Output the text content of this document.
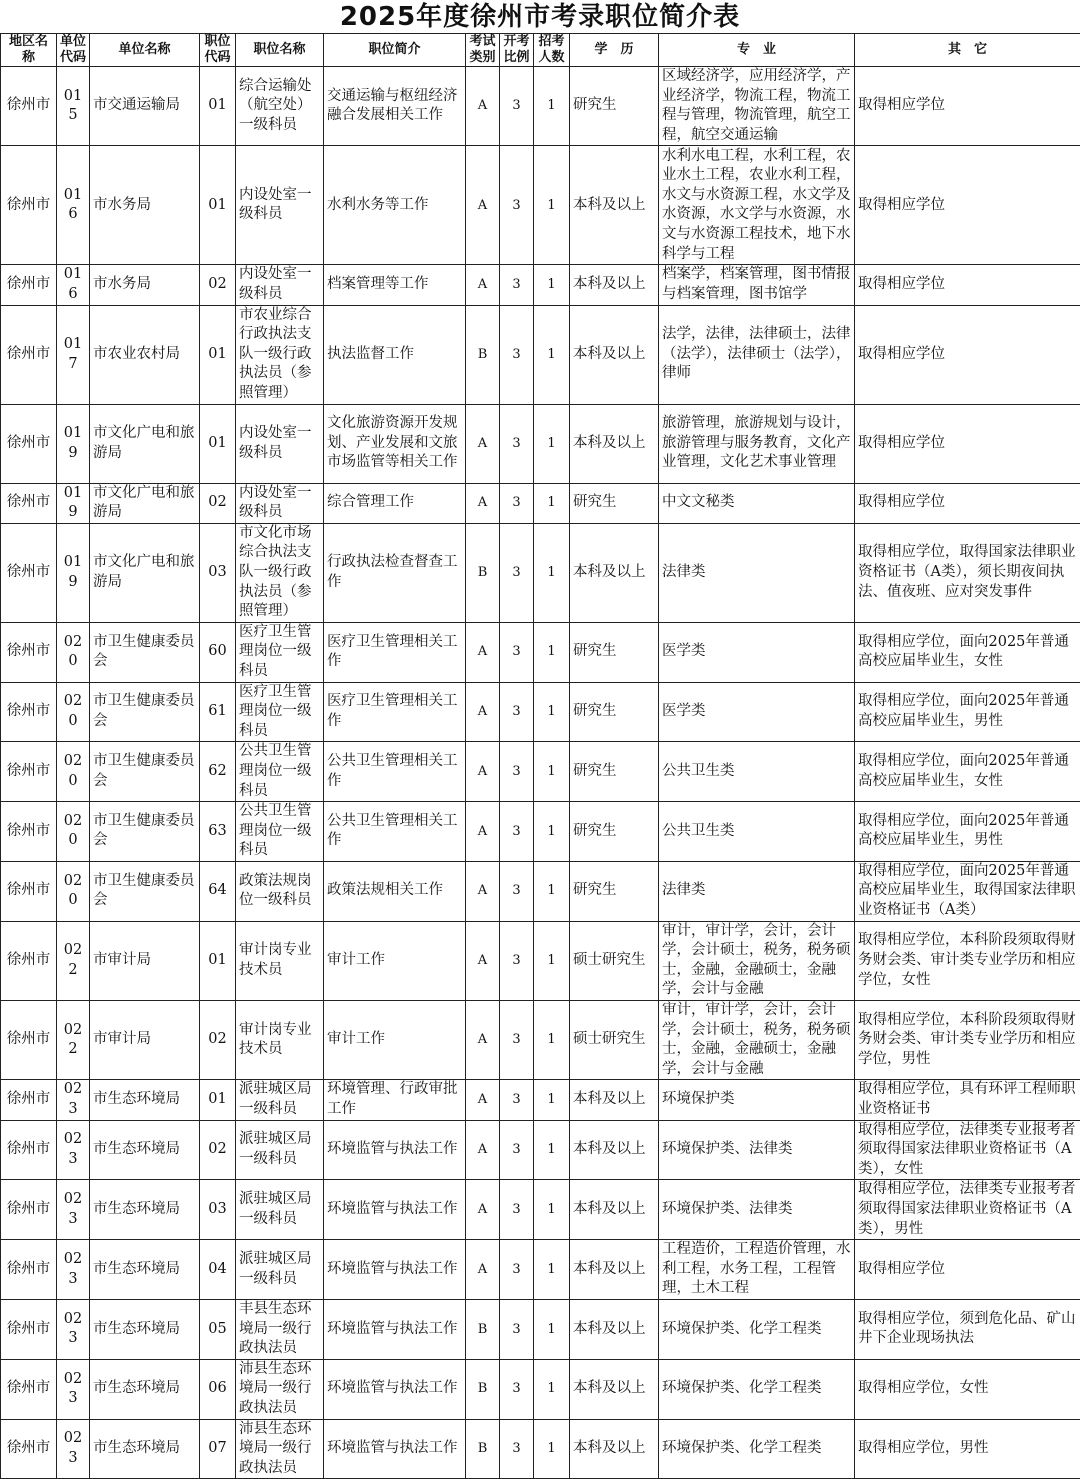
2025年度徐州市考录职位简介表
地区名称	单位代码	单位名称	职位代码	职位名称	职位简介	考试类别	开考比例	招考人数	学　历	专　业	其　它
徐州市	015	市交通运输局	01	综合运输处（航空处）一级科员	交通运输与枢纽经济融合发展相关工作	A	3	1	研究生	区域经济学，应用经济学，产业经济学，物流工程，物流工程与管理，物流管理，航空工程，航空交通运输	取得相应学位
徐州市	016	市水务局	01	内设处室一级科员	水利水务等工作	A	3	1	本科及以上	水利水电工程，水利工程，农业水土工程，农业水利工程，水文与水资源工程，水文学及水资源，水文学与水资源，水文与水资源工程技术，地下水科学与工程	取得相应学位
徐州市	016	市水务局	02	内设处室一级科员	档案管理等工作	A	3	1	本科及以上	档案学，档案管理，图书情报与档案管理，图书馆学	取得相应学位
徐州市	017	市农业农村局	01	市农业综合行政执法支队一级行政执法员（参照管理）	执法监督工作	B	3	1	本科及以上	法学，法律，法律硕士，法律（法学），法律硕士（法学），律师	取得相应学位
徐州市	019	市文化广电和旅游局	01	内设处室一级科员	文化旅游资源开发规划、产业发展和文旅市场监管等相关工作	A	3	1	本科及以上	旅游管理，旅游规划与设计，旅游管理与服务教育，文化产业管理，文化艺术事业管理	取得相应学位
徐州市	019	市文化广电和旅游局	02	内设处室一级科员	综合管理工作	A	3	1	研究生	中文文秘类	取得相应学位
徐州市	019	市文化广电和旅游局	03	市文化市场综合执法支队一级行政执法员（参照管理）	行政执法检查督查工作	B	3	1	本科及以上	法律类	取得相应学位，取得国家法律职业资格证书（A类），须长期夜间执法、值夜班、应对突发事件
徐州市	020	市卫生健康委员会	60	医疗卫生管理岗位一级科员	医疗卫生管理相关工作	A	3	1	研究生	医学类	取得相应学位，面向2025年普通高校应届毕业生，女性
徐州市	020	市卫生健康委员会	61	医疗卫生管理岗位一级科员	医疗卫生管理相关工作	A	3	1	研究生	医学类	取得相应学位，面向2025年普通高校应届毕业生，男性
徐州市	020	市卫生健康委员会	62	公共卫生管理岗位一级科员	公共卫生管理相关工作	A	3	1	研究生	公共卫生类	取得相应学位，面向2025年普通高校应届毕业生，女性
徐州市	020	市卫生健康委员会	63	公共卫生管理岗位一级科员	公共卫生管理相关工作	A	3	1	研究生	公共卫生类	取得相应学位，面向2025年普通高校应届毕业生，男性
徐州市	020	市卫生健康委员会	64	政策法规岗位一级科员	政策法规相关工作	A	3	1	研究生	法律类	取得相应学位，面向2025年普通高校应届毕业生，取得国家法律职业资格证书（A类）
徐州市	022	市审计局	01	审计岗专业技术员	审计工作	A	3	1	硕士研究生	审计，审计学，会计，会计学，会计硕士，税务，税务硕士，金融，金融硕士，金融学，会计与金融	取得相应学位，本科阶段须取得财务财会类、审计类专业学历和相应学位，女性
徐州市	022	市审计局	02	审计岗专业技术员	审计工作	A	3	1	硕士研究生	审计，审计学，会计，会计学，会计硕士，税务，税务硕士，金融，金融硕士，金融学，会计与金融	取得相应学位，本科阶段须取得财务财会类、审计类专业学历和相应学位，男性
徐州市	023	市生态环境局	01	派驻城区局一级科员	环境管理、行政审批工作	A	3	1	本科及以上	环境保护类	取得相应学位，具有环评工程师职业资格证书
徐州市	023	市生态环境局	02	派驻城区局一级科员	环境监管与执法工作	A	3	1	本科及以上	环境保护类、法律类	取得相应学位，法律类专业报考者须取得国家法律职业资格证书（A类），女性
徐州市	023	市生态环境局	03	派驻城区局一级科员	环境监管与执法工作	A	3	1	本科及以上	环境保护类、法律类	取得相应学位，法律类专业报考者须取得国家法律职业资格证书（A类），男性
徐州市	023	市生态环境局	04	派驻城区局一级科员	环境监管与执法工作	A	3	1	本科及以上	工程造价，工程造价管理，水利工程，水务工程，工程管理，土木工程	取得相应学位
徐州市	023	市生态环境局	05	丰县生态环境局一级行政执法员	环境监管与执法工作	B	3	1	本科及以上	环境保护类、化学工程类	取得相应学位，须到危化品、矿山井下企业现场执法
徐州市	023	市生态环境局	06	沛县生态环境局一级行政执法员	环境监管与执法工作	B	3	1	本科及以上	环境保护类、化学工程类	取得相应学位，女性
徐州市	023	市生态环境局	07	沛县生态环境局一级行政执法员	环境监管与执法工作	B	3	1	本科及以上	环境保护类、化学工程类	取得相应学位，男性
